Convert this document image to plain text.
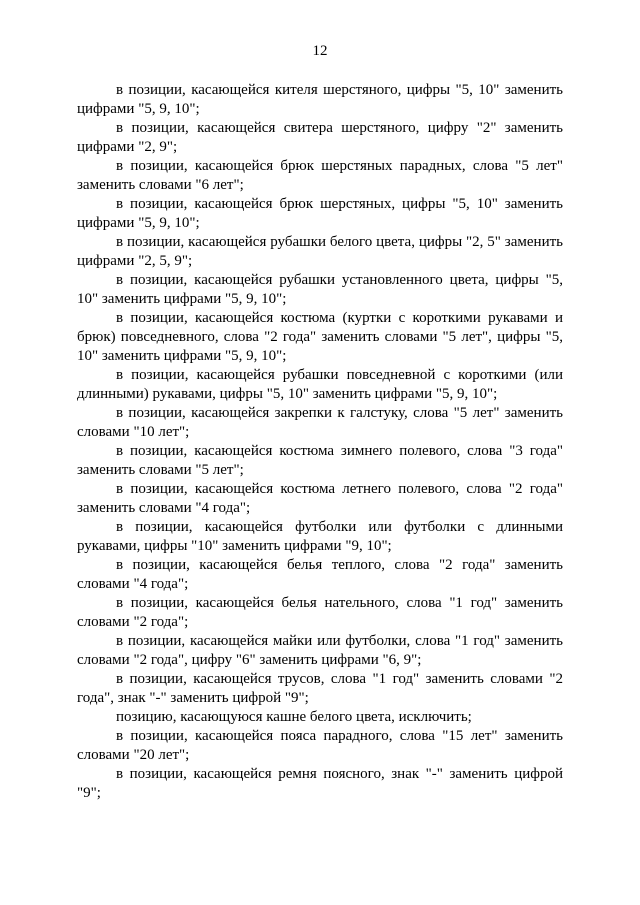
12

в позиции, касающейся кителя шерстяного, цифры "5, 10" заменить цифрами "5, 9, 10";

в позиции, касающейся свитера шерстяного, цифру "2" заменить цифрами "2, 9";

в позиции, касающейся брюк шерстяных парадных, слова "5 лет" заменить словами "6 лет";

в позиции, касающейся брюк шерстяных, цифры "5, 10" заменить цифрами "5, 9, 10";

в позиции, касающейся рубашки белого цвета, цифры "2, 5" заменить цифрами "2, 5, 9";

в позиции, касающейся рубашки установленного цвета, цифры "5, 10" заменить цифрами "5, 9, 10";

в позиции, касающейся костюма (куртки с короткими рукавами и брюк) повседневного, слова "2 года" заменить словами "5 лет", цифры "5, 10" заменить цифрами "5, 9, 10";

в позиции, касающейся рубашки повседневной с короткими (или длинными) рукавами, цифры "5, 10" заменить цифрами "5, 9, 10";

в позиции, касающейся закрепки к галстуку, слова "5 лет" заменить словами "10 лет";

в позиции, касающейся костюма зимнего полевого, слова "3 года" заменить словами "5 лет";

в позиции, касающейся костюма летнего полевого, слова "2 года" заменить словами "4 года";

в позиции, касающейся футболки или футболки с длинными рукавами, цифры "10" заменить цифрами "9, 10";

в позиции, касающейся белья теплого, слова "2 года" заменить словами "4 года";

в позиции, касающейся белья нательного, слова "1 год" заменить словами "2 года";

в позиции, касающейся майки или футболки, слова "1 год" заменить словами "2 года", цифру "6" заменить цифрами "6, 9";

в позиции, касающейся трусов, слова "1 год" заменить словами "2 года", знак "-" заменить цифрой "9";

позицию, касающуюся кашне белого цвета, исключить;

в позиции, касающейся пояса парадного, слова "15 лет" заменить словами "20 лет";

в позиции, касающейся ремня поясного, знак "-" заменить цифрой "9";
